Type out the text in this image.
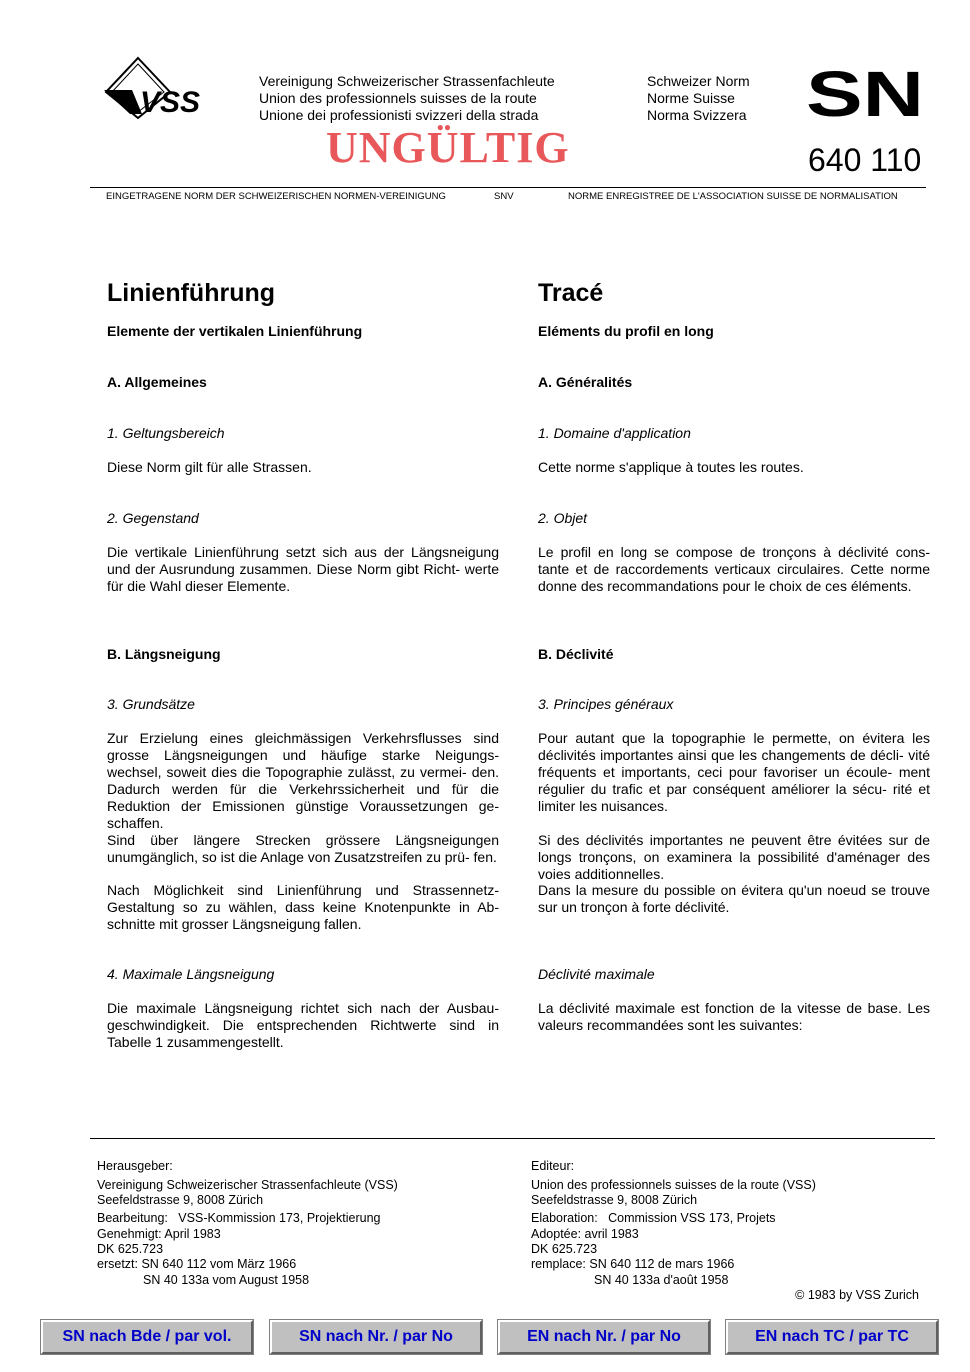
VSS
Vereinigung Schweizerischer Strassenfachleute
Union des professionnels suisses de la route
Unione dei professionisti svizzeri della strada
Schweizer Norm
Norme Suisse
Norma Svizzera SN
UNGÜLTIG	640 110
EINGETRAGENE NORM DER SCHWEIZERISCHEN NORMEN-VEREINIGUNG	SNV	NORME ENREGISTREE DE L'ASSOCIATION SUISSE DE NORMALISATION
Linienführung
Elemente der vertikalen Linienführung
A. Allgemeines
1. Geltungsbereich
Diese Norm gilt für alle Strassen.
2. Gegenstand
Die vertikale Linienführung setzt sich aus der Längsneigung und der Ausrundung zusammen. Diese Norm gibt Richt- werte für die Wahl dieser Elemente.
B. Längsneigung
3. Grundsätze
Zur Erzielung eines gleichmässigen Verkehrsflusses sind grosse Längsneigungen und häufige starke Neigungs- wechsel, soweit dies die Topographie zulässt, zu vermei- den. Dadurch werden für die Verkehrssicherheit und für die Reduktion der Emissionen günstige Voraussetzungen ge- schaffen.
Sind über längere Strecken grössere Längsneigungen unumgänglich, so ist die Anlage von Zusatzstreifen zu prü- fen.
Nach Möglichkeit sind Linienführung und Strassennetz- Gestaltung so zu wählen, dass keine Knotenpunkte in Ab- schnitte mit grosser Längsneigung fallen.
4. Maximale Längsneigung
Die maximale Längsneigung richtet sich nach der Ausbau- geschwindigkeit. Die entsprechenden Richtwerte sind in Tabelle 1 zusammengestellt.
Tracé
Eléments du profil en long
A. Généralités
1. Domaine d'application
Cette norme s'applique à toutes les routes.
2. Objet
Le profil en long se compose de tronçons à déclivité cons- tante et de raccordements verticaux circulaires. Cette norme donne des recommandations pour le choix de ces éléments.
B. Déclivité
3. Principes généraux
Pour autant que la topographie le permette, on évitera les déclivités importantes ainsi que les changements de décli- vité fréquents et importants, ceci pour favoriser un écoule- ment régulier du trafic et par conséquent améliorer la sécu- rité et limiter les nuisances.
Si des déclivités importantes ne peuvent être évitées sur de longs tronçons, on examinera la possibilité d'aménager des voies additionnelles.
Dans la mesure du possible on évitera qu'un noeud se trouve sur un tronçon à forte déclivité.
Déclivité maximale
La déclivité maximale est fonction de la vitesse de base. Les valeurs recommandées sont les suivantes:
Herausgeber:
Vereinigung Schweizerischer Strassenfachleute (VSS)
Seefeldstrasse 9, 8008 Zürich
Bearbeitung:   VSS-Kommission 173, Projektierung
Genehmigt: April 1983
DK 625.723
ersetzt: SN 640 112 vom März 1966
SN 40 133a vom August 1958
Editeur:
Union des professionnels suisses de la route (VSS)
Seefeldstrasse 9, 8008 Zürich
Elaboration:   Commission VSS 173, Projets
Adoptée: avril 1983
DK 625.723
remplace: SN 640 112 de mars 1966
SN 40 133a d'août 1958
© 1983 by VSS Zurich
SN nach Bde / par vol.	SN nach Nr. / par No	EN nach Nr. / par No	EN nach TC / par TC
